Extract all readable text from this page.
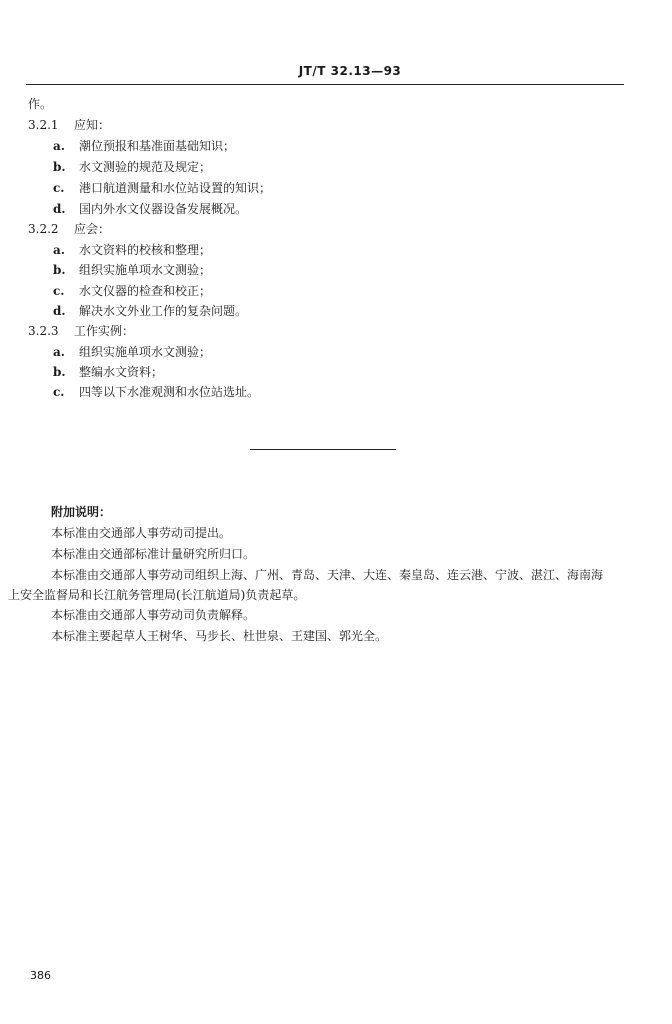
JT/T 32.13—93
作。
3.2.1 应知：
a. 潮位预报和基准面基础知识；
b. 水文测验的规范及规定；
c. 港口航道测量和水位站设置的知识；
d. 国内外水文仪器设备发展概况。
3.2.2 应会：
a. 水文资料的校核和整理；
b. 组织实施单项水文测验；
c. 水文仪器的检查和校正；
d. 解决水文外业工作的复杂问题。
3.2.3 工作实例：
a. 组织实施单项水文测验；
b. 整编水文资料；
c. 四等以下水准观测和水位站选址。
附加说明：
本标准由交通部人事劳动司提出。
本标准由交通部标准计量研究所归口。
本标准由交通部人事劳动司组织上海、广州、青岛、天津、大连、秦皇岛、连云港、宁波、湛江、海南海
上安全监督局和长江航务管理局(长江航道局)负责起草。
本标准由交通部人事劳动司负责解释。
本标准主要起草人王树华、马步长、杜世泉、王建国、郭光全。
386
